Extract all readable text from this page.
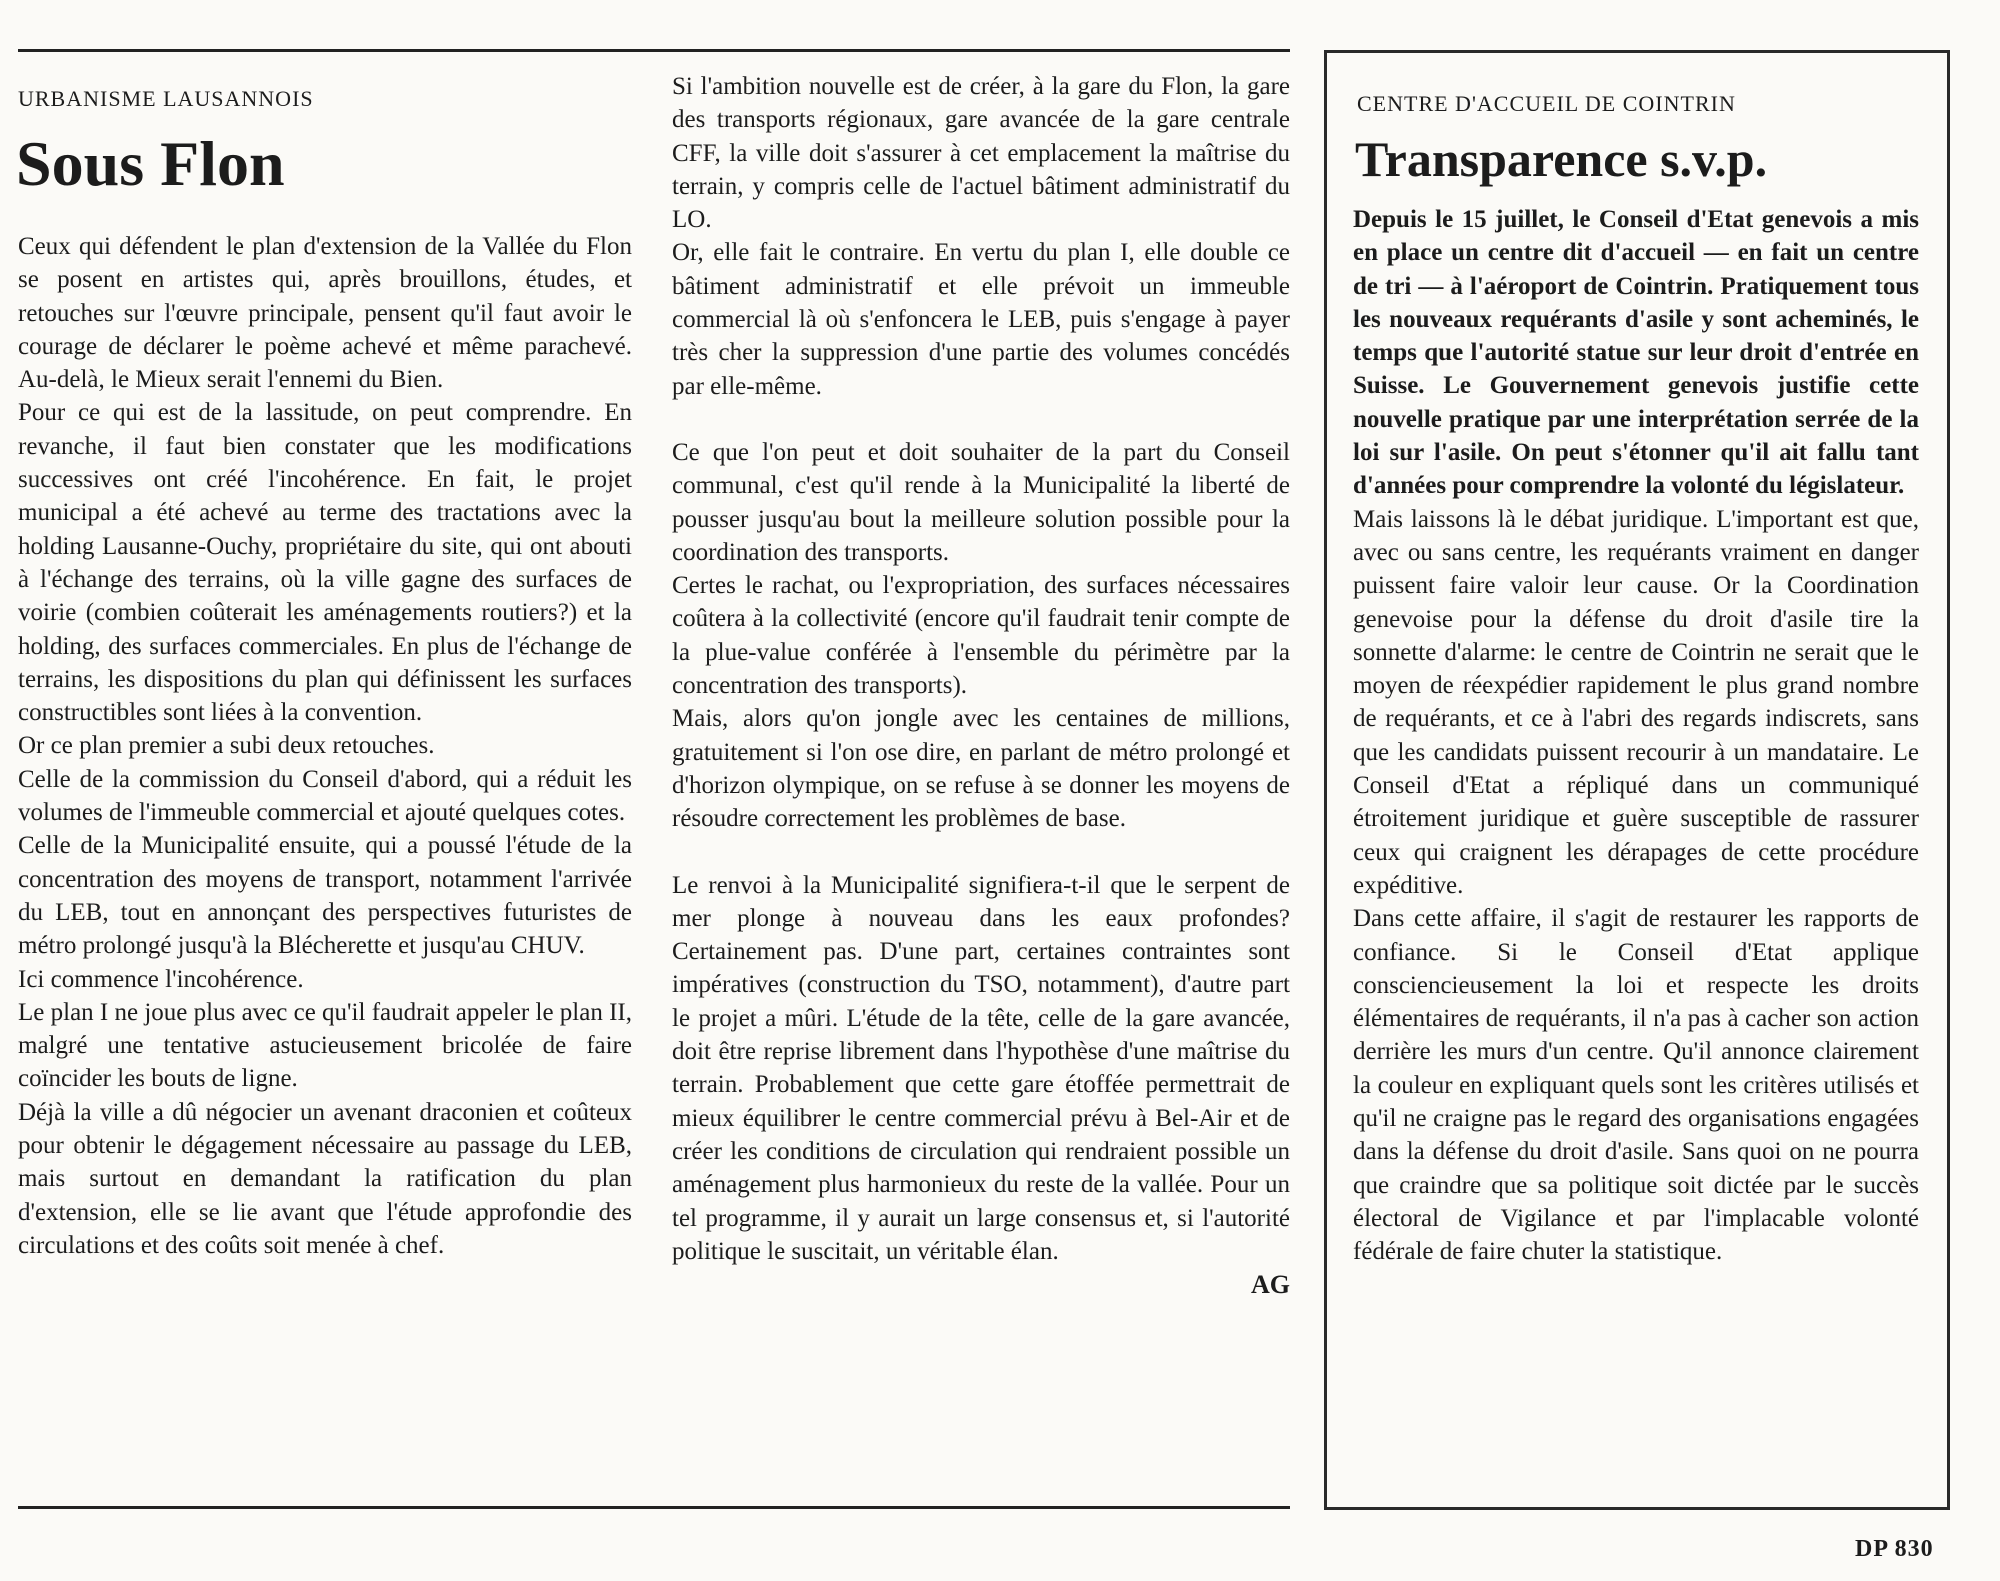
URBANISME LAUSANNOIS
Sous Flon

Ceux qui défendent le plan d'extension de la Vallée du Flon se posent en artistes qui, après brouillons, études, et retouches sur l'œuvre principale, pensent qu'il faut avoir le courage de déclarer le poème achevé et même parachevé. Au-delà, le Mieux serait l'ennemi du Bien.

Pour ce qui est de la lassitude, on peut comprendre. En revanche, il faut bien constater que les modifications successives ont créé l'incohérence. En fait, le projet municipal a été achevé au terme des tractations avec la holding Lausanne-Ouchy, propriétaire du site, qui ont abouti à l'échange des terrains, où la ville gagne des surfaces de voirie (combien coûterait les aménagements routiers?) et la holding, des surfaces commerciales. En plus de l'échange de terrains, les dispositions du plan qui définissent les surfaces constructibles sont liées à la convention.

Or ce plan premier a subi deux retouches.

Celle de la commission du Conseil d'abord, qui a réduit les volumes de l'immeuble commercial et ajouté quelques cotes.

Celle de la Municipalité ensuite, qui a poussé l'étude de la concentration des moyens de transport, notamment l'arrivée du LEB, tout en annonçant des perspectives futuristes de métro prolongé jusqu'à la Blécherette et jusqu'au CHUV.

Ici commence l'incohérence.

Le plan I ne joue plus avec ce qu'il faudrait appeler le plan II, malgré une tentative astucieusement bricolée de faire coïncider les bouts de ligne.

Déjà la ville a dû négocier un avenant draconien et coûteux pour obtenir le dégagement nécessaire au passage du LEB, mais surtout en demandant la ratification du plan d'extension, elle se lie avant que l'étude approfondie des circulations et des coûts soit menée à chef.

Si l'ambition nouvelle est de créer, à la gare du Flon, la gare des transports régionaux, gare avancée de la gare centrale CFF, la ville doit s'assurer à cet emplacement la maîtrise du terrain, y compris celle de l'actuel bâtiment administratif du LO.

Or, elle fait le contraire. En vertu du plan I, elle double ce bâtiment administratif et elle prévoit un immeuble commercial là où s'enfoncera le LEB, puis s'engage à payer très cher la suppression d'une partie des volumes concédés par elle-même.

Ce que l'on peut et doit souhaiter de la part du Conseil communal, c'est qu'il rende à la Municipalité la liberté de pousser jusqu'au bout la meilleure solution possible pour la coordination des transports.

Certes le rachat, ou l'expropriation, des surfaces nécessaires coûtera à la collectivité (encore qu'il faudrait tenir compte de la plue-value conférée à l'ensemble du périmètre par la concentration des transports).

Mais, alors qu'on jongle avec les centaines de millions, gratuitement si l'on ose dire, en parlant de métro prolongé et d'horizon olympique, on se refuse à se donner les moyens de résoudre correctement les problèmes de base.

Le renvoi à la Municipalité signifiera-t-il que le serpent de mer plonge à nouveau dans les eaux profondes? Certainement pas. D'une part, certaines contraintes sont impératives (construction du TSO, notamment), d'autre part le projet a mûri. L'étude de la tête, celle de la gare avancée, doit être reprise librement dans l'hypothèse d'une maîtrise du terrain. Probablement que cette gare étoffée permettrait de mieux équilibrer le centre commercial prévu à Bel-Air et de créer les conditions de circulation qui rendraient possible un aménagement plus harmonieux du reste de la vallée. Pour un tel programme, il y aurait un large consensus et, si l'autorité politique le suscitait, un véritable élan.

AG
CENTRE D'ACCUEIL DE COINTRIN
Transparence s.v.p.

Depuis le 15 juillet, le Conseil d'Etat genevois a mis en place un centre dit d'accueil — en fait un centre de tri — à l'aéroport de Cointrin. Pratiquement tous les nouveaux requérants d'asile y sont acheminés, le temps que l'autorité statue sur leur droit d'entrée en Suisse. Le Gouvernement genevois justifie cette nouvelle pratique par une interprétation serrée de la loi sur l'asile. On peut s'étonner qu'il ait fallu tant d'années pour comprendre la volonté du législateur.

Mais laissons là le débat juridique. L'important est que, avec ou sans centre, les requérants vraiment en danger puissent faire valoir leur cause. Or la Coordination genevoise pour la défense du droit d'asile tire la sonnette d'alarme: le centre de Cointrin ne serait que le moyen de réexpédier rapidement le plus grand nombre de requérants, et ce à l'abri des regards indiscrets, sans que les candidats puissent recourir à un mandataire. Le Conseil d'Etat a répliqué dans un communiqué étroitement juridique et guère susceptible de rassurer ceux qui craignent les dérapages de cette procédure expéditive.

Dans cette affaire, il s'agit de restaurer les rapports de confiance. Si le Conseil d'Etat applique consciencieusement la loi et respecte les droits élémentaires de requérants, il n'a pas à cacher son action derrière les murs d'un centre. Qu'il annonce clairement la couleur en expliquant quels sont les critères utilisés et qu'il ne craigne pas le regard des organisations engagées dans la défense du droit d'asile. Sans quoi on ne pourra que craindre que sa politique soit dictée par le succès électoral de Vigilance et par l'implacable volonté fédérale de faire chuter la statistique.

DP 830
